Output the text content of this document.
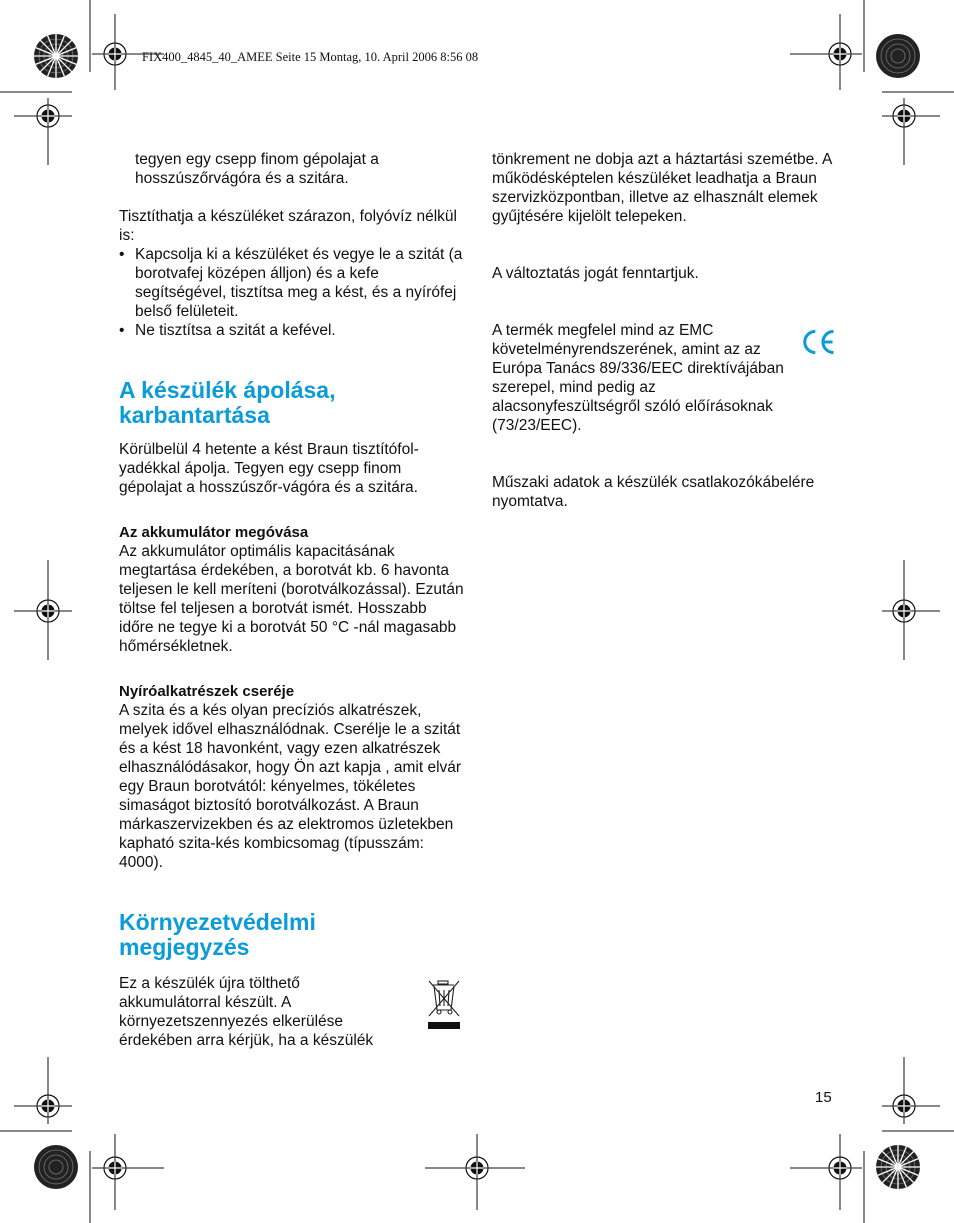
FIX400_4845_40_AMEE Seite 15 Montag, 10. April 2006 8:56 08

tegyen egy csepp finom gépolajat a hosszúszőrvágóra és a szitára.

Tisztíthatja a készüléket szárazon, folyóvíz nélkül is:

• Kapcsolja ki a készüléket és vegye le a szitát (a borotvafej középen álljon) és a kefe segítségével, tisztítsa meg a kést, és a nyírófej belső felületeit.
• Ne tisztítsa a szitát a kefével.
A készülék ápolása,
karbantartása

Körülbelül 4 hetente a kést Braun tisztítófol-yadékkal ápolja. Tegyen egy csepp finom gépolajat a hosszúszőr-vágóra és a szitára.

Az akkumulátor megóvása

Az akkumulátor optimális kapacitásának megtartása érdekében, a borotvát kb. 6 havonta teljesen le kell meríteni (borotválkozással). Ezután töltse fel teljesen a borotvát ismét. Hosszabb időre ne tegye ki a borotvát 50 °C -nál magasabb hőmérsékletnek.

Nyíróalkatrészek cseréje

A szita és a kés olyan precíziós alkatrészek, melyek idővel elhasználódnak. Cserélje le a szitát és a kést 18 havonként, vagy ezen alkatrészek elhasználódásakor, hogy Ön azt kapja , amit elvár egy Braun borotvától: kényelmes, tökéletes simaságot biztosító borotválkozást. A Braun márkaszervizekben és az elektromos üzletekben kapható szita-kés kombicsomag (típusszám: 4000).

Környezetvédelmi
megjegyzés

Ez a készülék újra tölthető akkumulátorral készült. A környezetszennyezés elkerülése érdekében arra kérjük, ha a készülék

tönkrement ne dobja azt a háztartási szemétbe. A működésképtelen készüléket leadhatja a Braun szervizközpontban, illetve az elhasznált elemek gyűjtésére kijelölt telepeken.

A változtatás jogát fenntartjuk.

A termék megfelel mind az EMC követelményrendszerének, amint az az Európa Tanács 89/336/EEC direktívájában szerepel, mind pedig az alacsonyfeszültségről szóló előírásoknak (73/23/EEC).

Műszaki adatok a készülék csatlakozókábelére nyomtatva.

15
